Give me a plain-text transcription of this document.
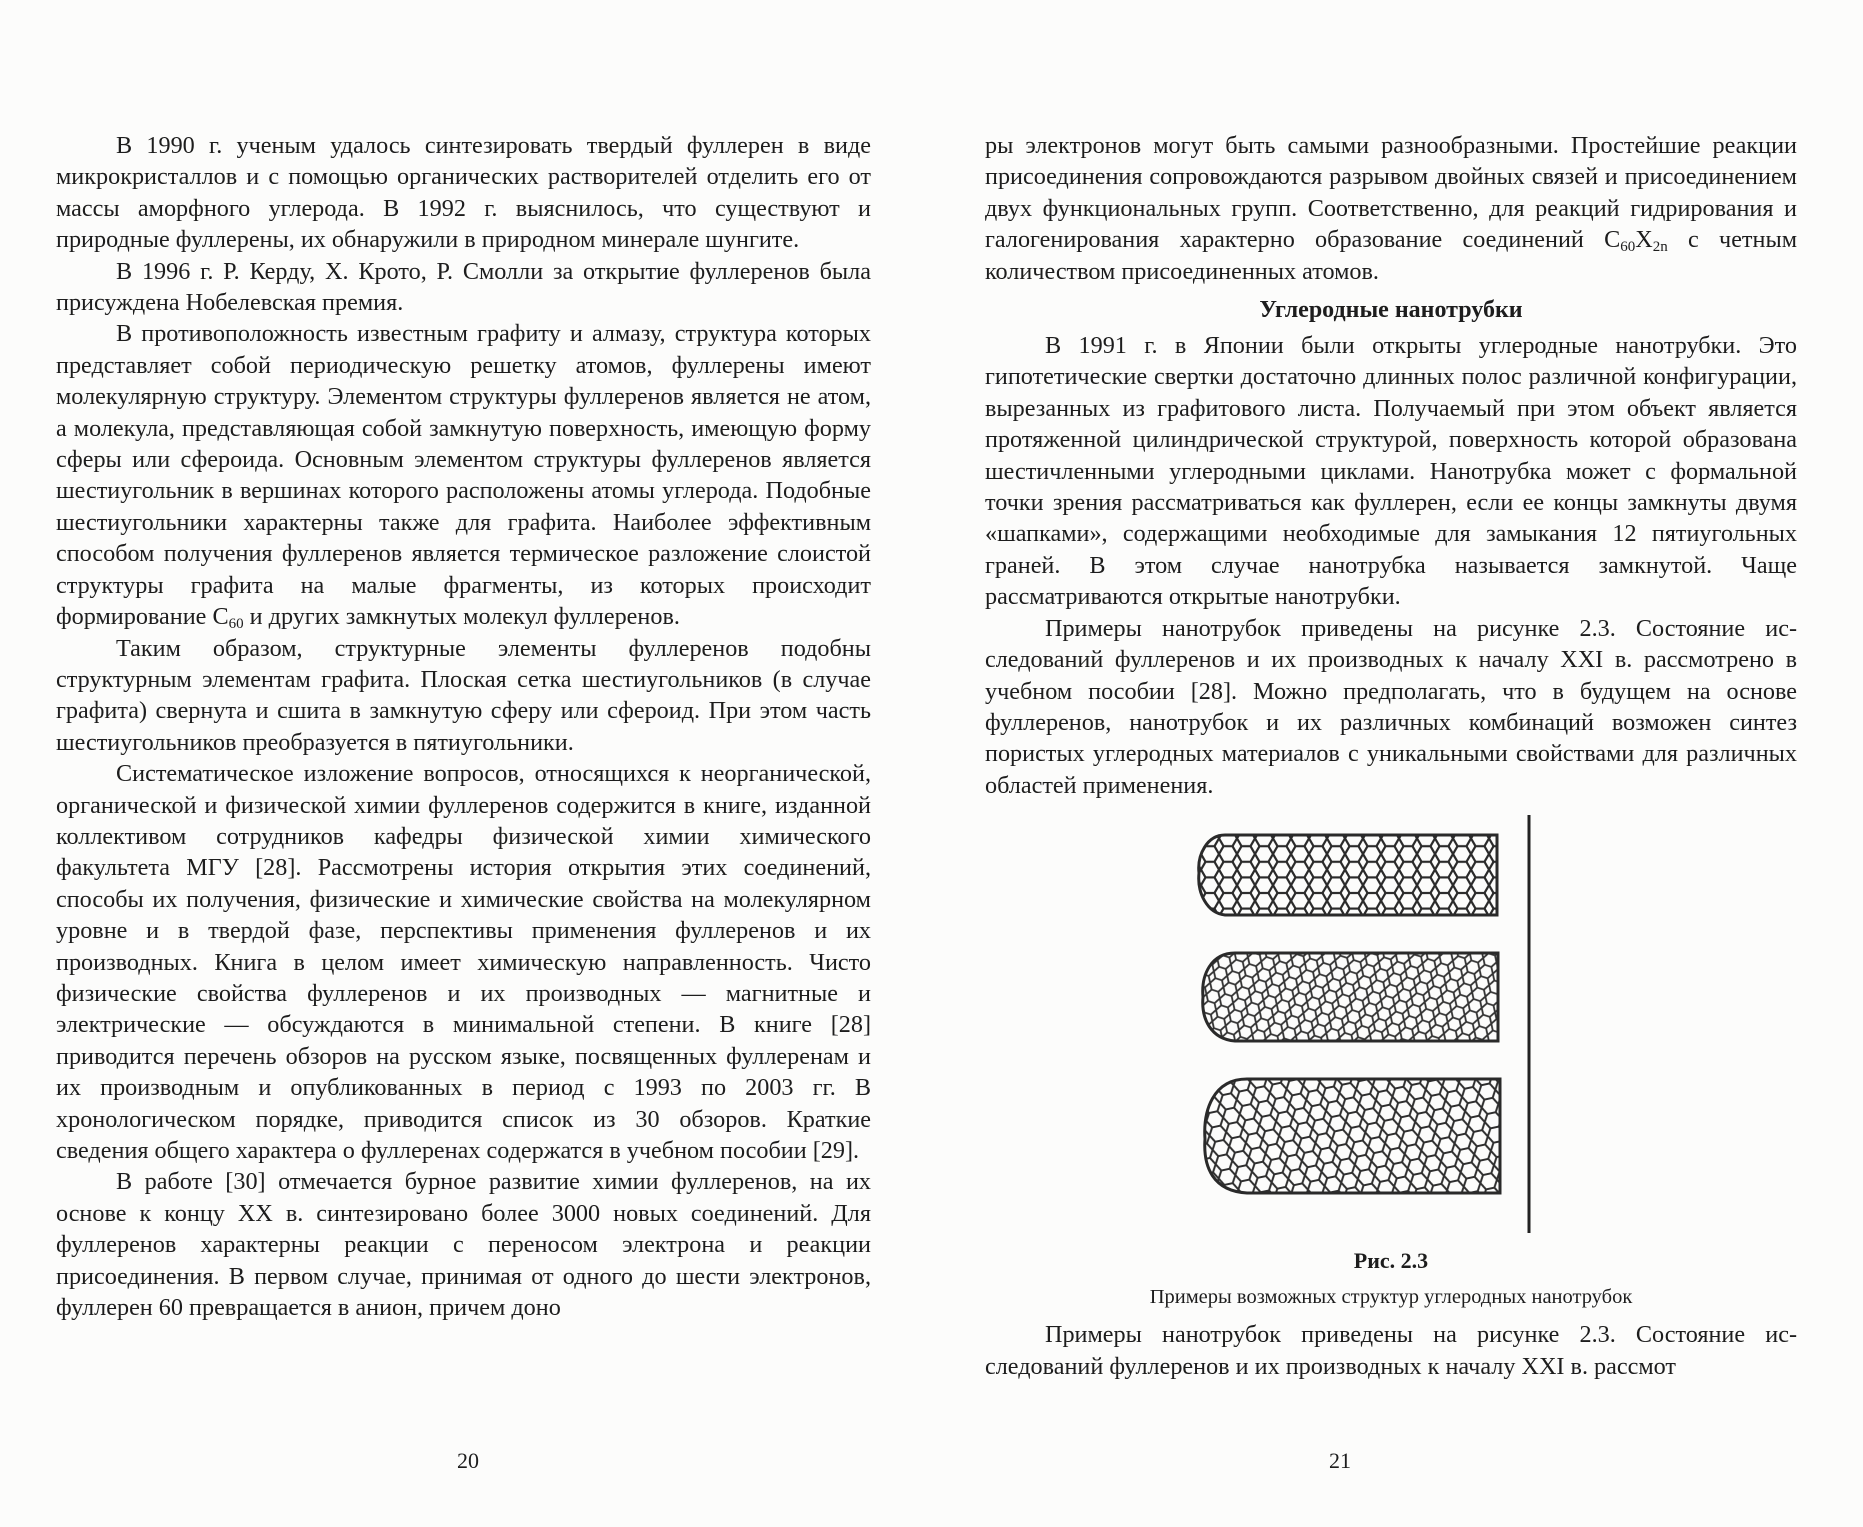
В 1990 г. ученым удалось синтезировать твердый фуллерен в виде микрокристаллов и с помощью органических растворителей отделить его от массы аморфного углерода. В 1992 г. выяснилось, что существуют и природные фуллерены, их обнаружили в природном минерале шунгите.

В 1996 г. Р. Керду, Х. Крото, Р. Смолли за открытие фуллеренов была присуждена Нобелевская премия.

В противоположность известным графиту и алмазу, структура которых представляет собой периодическую решетку атомов, фуллерены имеют молекулярную структуру. Элементом структуры фуллеренов является не атом, а молекула, представляющая собой замкнутую поверхность, имеющую форму сферы или сфероида. Основным элементом структуры фуллеренов является шестиугольник в вершинах которого расположены атомы углерода. Подобные шестиугольники характерны также для графита. Наиболее эффективным способом получения фуллеренов является термическое разложение слоистой структуры графита на малые фрагменты, из которых происходит формирование $C_{60}$ и других замкнутых молекул фуллеренов.

Таким образом, структурные элементы фуллеренов подобны структурным элементам графита. Плоская сетка шестиугольников (в случае графита) свернута и сшита в замкнутую сферу или сфероид. При этом часть шестиугольников преобразуется в пятиугольники.

Систематическое изложение вопросов, относящихся к неорганической, органической и физической химии фуллеренов содержится в книге, изданной коллективом сотрудников кафедры физической химии химического факультета МГУ [28]. Рассмотрены история открытия этих соединений, способы их получения, физические и химические свойства на молекулярном уровне и в твердой фазе, перспективы применения фуллеренов и их производных. Книга в целом имеет химическую направленность. Чисто физические свойства фуллеренов и их производных — магнитные и электрические — обсуждаются в минимальной степени. В книге [28] приводится перечень обзоров на русском языке, посвященных фуллеренам и их производным и опубликованных в период с 1993 по 2003 гг. В хронологическом порядке, приводится список из 30 обзоров. Краткие сведения общего характера о фуллеренах содержатся в учебном пособии [29].

В работе [30] отмечается бурное развитие химии фуллеренов, на их основе к концу XX в. синтезировано более 3000 новых соединений. Для фуллеренов характерны реакции с переносом электрона и реакции присоединения. В первом случае, принимая от одного до шести электронов, фуллерен 60 превращается в анион, причем доно

20

ры электронов могут быть самыми разнообразными. Простейшие реакции присоединения сопровождаются разрывом двойных связей и присоединением двух функциональных групп. Соответственно, для реакций гидрирования и галогенирования характерно образование соединений $C_{60}X_{2n}$ с четным количеством присоединенных атомов.

Углеродные нанотрубки

В 1991 г. в Японии были открыты углеродные нанотрубки. Это гипотетические свертки достаточно длинных полос различной конфигурации, вырезанных из графитового листа. Получаемый при этом объект является протяженной цилиндрической структурой, поверхность которой образована шестичленными углеродными циклами. Нанотрубка может с формальной точки зрения рассматриваться как фуллерен, если ее концы замкнуты двумя «шапками», содержащими необходимые для замыкания 12 пятиугольных граней. В этом случае нанотрубка называется замкнутой. Чаще рассматриваются открытые нанотрубки.

Примеры нанотрубок приведены на рисунке 2.3. Состояние исследований фуллеренов и их производных к началу XXI в. рассмотрено в учебном пособии [28]. Можно предполагать, что в будущем на основе фуллеренов, нанотрубок и их различных комбинаций возможен синтез пористых углеродных материалов с уникальными свойствами для различных областей применения.

Рис. 2.3
Примеры возможных структур углеродных нанотрубок

Примеры нанотрубок приведены на рисунке 2.3. Состояние исследований фуллеренов и их производных к началу XXI в. рассмот

21
